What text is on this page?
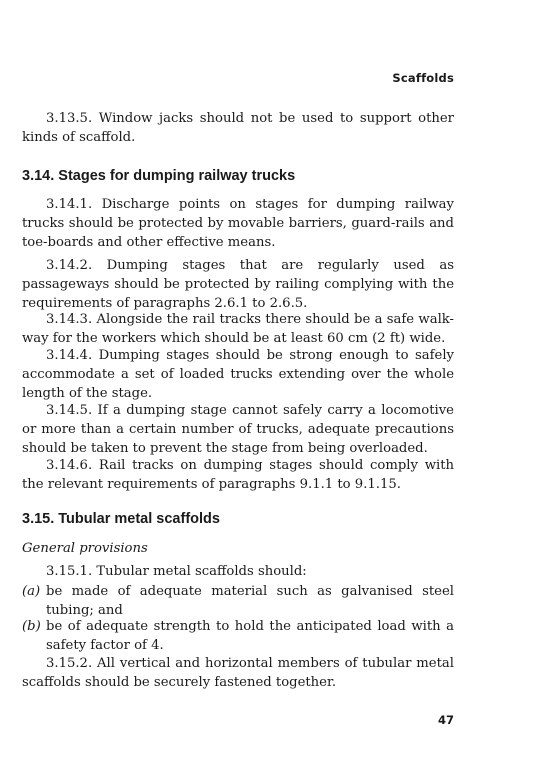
Scaffolds

3.13.5. Window jacks should not be used to support other kinds of scaffold.

3.14. Stages for dumping railway trucks

3.14.1. Discharge points on stages for dumping railway trucks should be protected by movable barriers, guard-rails and toe-boards and other effective means.

3.14.2. Dumping stages that are regularly used as passageways should be protected by railing complying with the requirements of paragraphs 2.6.1 to 2.6.5.

3.14.3. Alongside the rail tracks there should be a safe walk-way for the workers which should be at least 60 cm (2 ft) wide.

3.14.4. Dumping stages should be strong enough to safely accommodate a set of loaded trucks extending over the whole length of the stage.

3.14.5. If a dumping stage cannot safely carry a locomotive or more than a certain number of trucks, adequate precautions should be taken to prevent the stage from being overloaded.

3.14.6. Rail tracks on dumping stages should comply with the relevant requirements of paragraphs 9.1.1 to 9.1.15.

3.15. Tubular metal scaffolds

General provisions

3.15.1. Tubular metal scaffolds should:

(a) be made of adequate material such as galvanised steel tubing; and
(b) be of adequate strength to hold the anticipated load with a safety factor of 4.

3.15.2. All vertical and horizontal members of tubular metal scaffolds should be securely fastened together.

47
